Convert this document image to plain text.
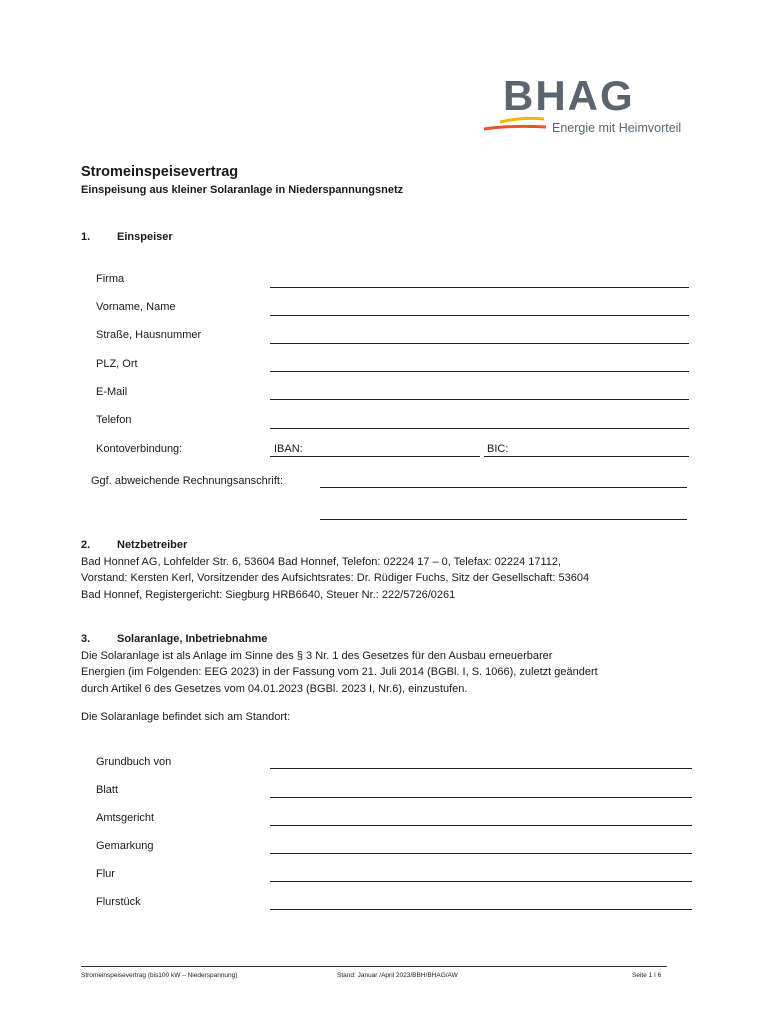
BHAG
Energie mit Heimvorteil
Stromeinspeisevertrag
Einspeisung aus kleiner Solaranlage in Niederspannungsnetz
1. Einspeiser
Firma
Vorname, Name
Straße, Hausnummer
PLZ, Ort
E-Mail
Telefon
Kontoverbindung:	IBAN:	BIC:
Ggf. abweichende Rechnungsanschrift:
2. Netzbetreiber
Bad Honnef AG, Lohfelder Str. 6, 53604 Bad Honnef, Telefon: 02224 17 – 0, Telefax: 02224 17112,
Vorstand: Kersten Kerl, Vorsitzender des Aufsichtsrates: Dr. Rüdiger Fuchs, Sitz der Gesellschaft: 53604
Bad Honnef, Registergericht: Siegburg HRB6640, Steuer Nr.: 222/5726/0261
3. Solaranlage, Inbetriebnahme
Die Solaranlage ist als Anlage im Sinne des § 3 Nr. 1 des Gesetzes für den Ausbau erneuerbarer
Energien (im Folgenden: EEG 2023) in der Fassung vom 21. Juli 2014 (BGBl. I, S. 1066), zuletzt geändert
durch Artikel 6 des Gesetzes vom 04.01.2023 (BGBl. 2023 I, Nr.6), einzustufen.
Die Solaranlage befindet sich am Standort:
Grundbuch von
Blatt
Amtsgericht
Gemarkung
Flur
Flurstück
Stromeinspeisevertrag (bis100 kW – Niederspannung)	Stand: Januar /April 2023/BBH/BHAG/AW	Seite 1 I 6
